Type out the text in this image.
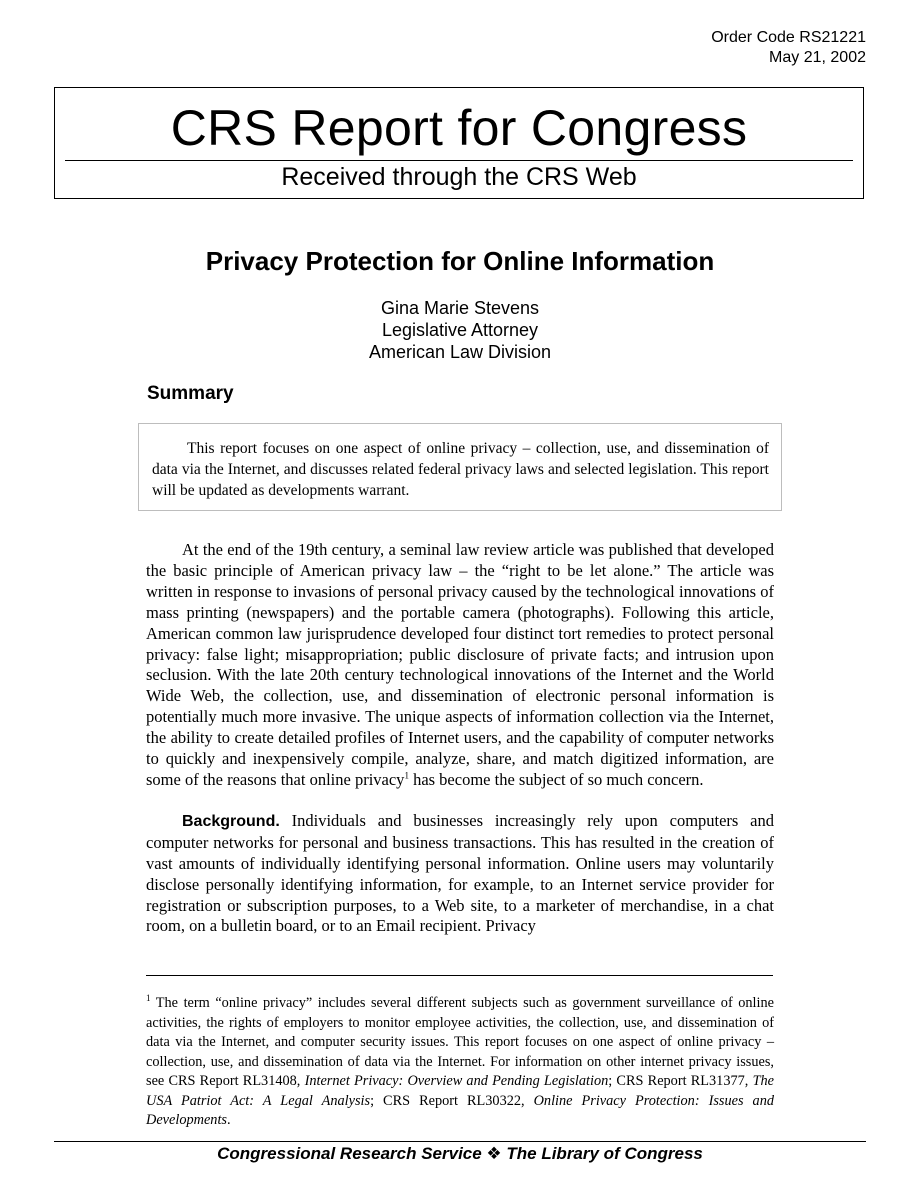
Order Code RS21221
May 21, 2002
CRS Report for Congress
Received through the CRS Web
Privacy Protection for Online Information
Gina Marie Stevens
Legislative Attorney
American Law Division
Summary

This report focuses on one aspect of online privacy – collection, use, and dissemination of data via the Internet, and discusses related federal privacy laws and selected legislation. This report will be updated as developments warrant.

At the end of the 19th century, a seminal law review article was published that developed the basic principle of American privacy law – the “right to be let alone.” The article was written in response to invasions of personal privacy caused by the technological innovations of mass printing (newspapers) and the portable camera (photographs). Following this article, American common law jurisprudence developed four distinct tort remedies to protect personal privacy: false light; misappropriation; public disclosure of private facts; and intrusion upon seclusion. With the late 20th century technological innovations of the Internet and the World Wide Web, the collection, use, and dissemination of electronic personal information is potentially much more invasive. The unique aspects of information collection via the Internet, the ability to create detailed profiles of Internet users, and the capability of computer networks to quickly and inexpensively compile, analyze, share, and match digitized information, are some of the reasons that online privacy$^1$ has become the subject of so much concern.

Background. Individuals and businesses increasingly rely upon computers and computer networks for personal and business transactions. This has resulted in the creation of vast amounts of individually identifying personal information. Online users may voluntarily disclose personally identifying information, for example, to an Internet service provider for registration or subscription purposes, to a Web site, to a marketer of merchandise, in a chat room, on a bulletin board, or to an Email recipient. Privacy

$^1$ The term “online privacy” includes several different subjects such as government surveillance of online activities, the rights of employers to monitor employee activities, the collection, use, and dissemination of data via the Internet, and computer security issues. This report focuses on one aspect of online privacy – collection, use, and dissemination of data via the Internet. For information on other internet privacy issues, see CRS Report RL31408, Internet Privacy: Overview and Pending Legislation; CRS Report RL31377, The USA Patriot Act: A Legal Analysis; CRS Report RL30322, Online Privacy Protection: Issues and Developments.

Congressional Research Service ❖ The Library of Congress
